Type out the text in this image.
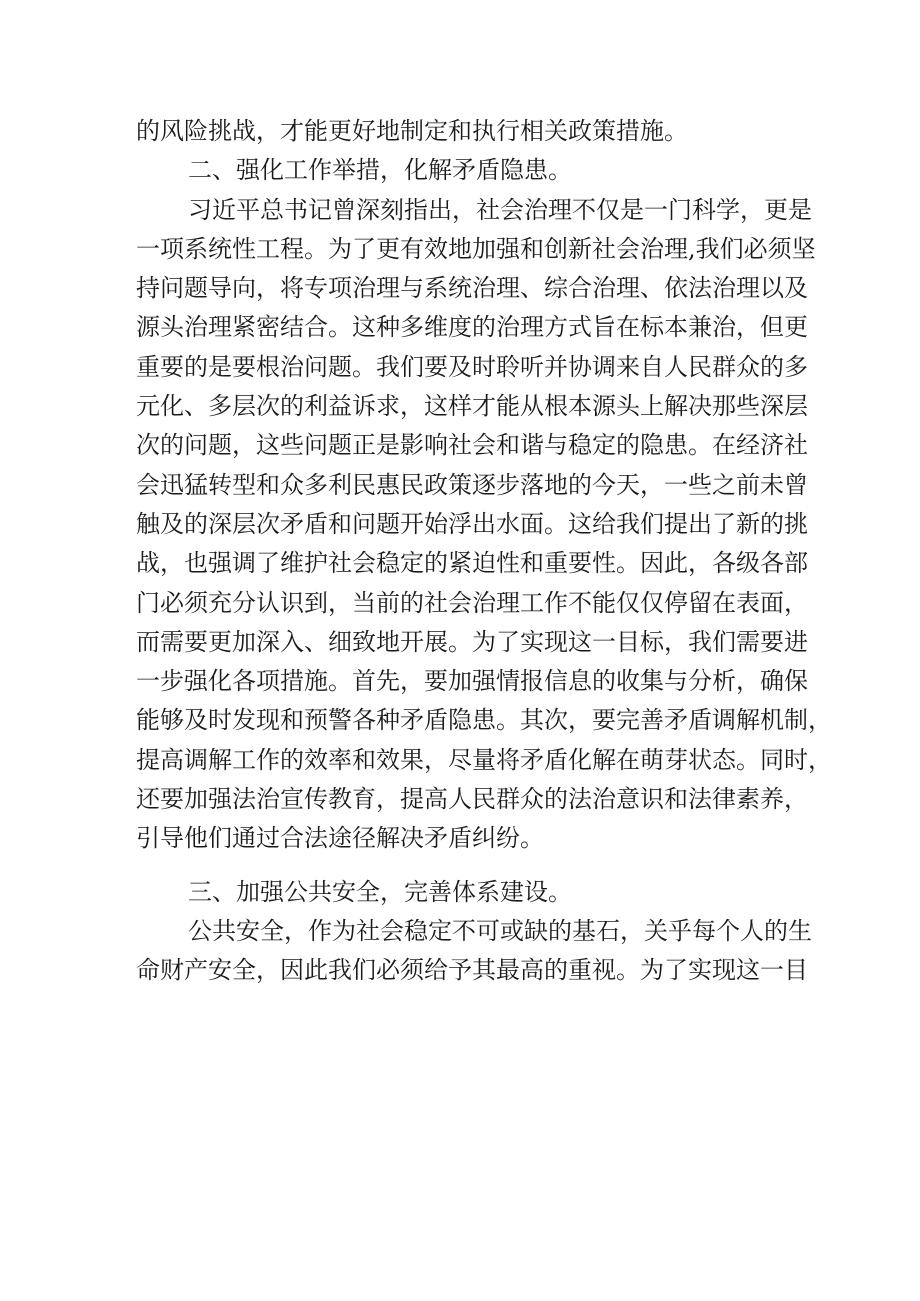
的风险挑战，才能更好地制定和执行相关政策措施。
二、强化工作举措，化解矛盾隐患。
习近平总书记曾深刻指出，社会治理不仅是一门科学，更是
一项系统性工程。为了更有效地加强和创新社会治理,我们必须坚
持问题导向，将专项治理与系统治理、综合治理、依法治理以及
源头治理紧密结合。这种多维度的治理方式旨在标本兼治，但更
重要的是要根治问题。我们要及时聆听并协调来自人民群众的多
元化、多层次的利益诉求，这样才能从根本源头上解决那些深层
次的问题，这些问题正是影响社会和谐与稳定的隐患。在经济社
会迅猛转型和众多利民惠民政策逐步落地的今天，一些之前未曾
触及的深层次矛盾和问题开始浮出水面。这给我们提出了新的挑
战，也强调了维护社会稳定的紧迫性和重要性。因此，各级各部
门必须充分认识到，当前的社会治理工作不能仅仅停留在表面，
而需要更加深入、细致地开展。为了实现这一目标，我们需要进
一步强化各项措施。首先，要加强情报信息的收集与分析，确保
能够及时发现和预警各种矛盾隐患。其次，要完善矛盾调解机制，
提高调解工作的效率和效果，尽量将矛盾化解在萌芽状态。同时，
还要加强法治宣传教育，提高人民群众的法治意识和法律素养，
引导他们通过合法途径解决矛盾纠纷。
三、加强公共安全，完善体系建设。
公共安全，作为社会稳定不可或缺的基石，关乎每个人的生
命财产安全，因此我们必须给予其最高的重视。为了实现这一目
